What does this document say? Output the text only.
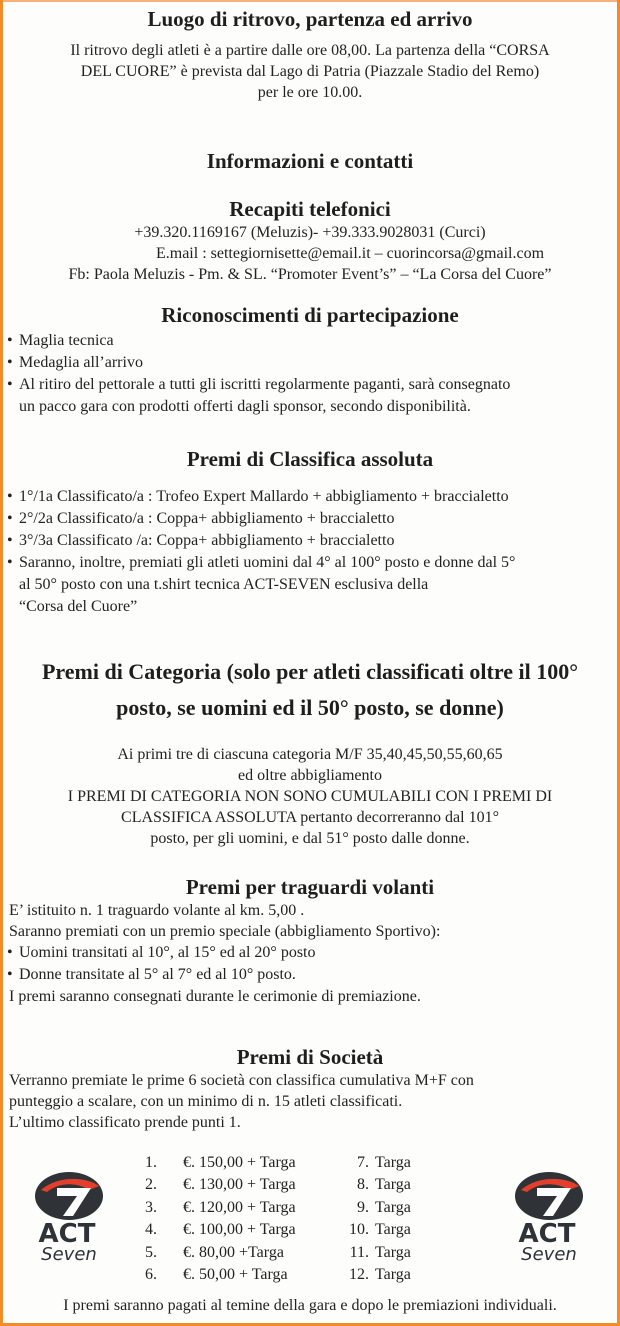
Luogo di ritrovo, partenza ed arrivo

Il ritrovo degli atleti è a partire dalle ore 08,00. La partenza della “CORSA

DEL CUORE” è prevista dal Lago di Patria (Piazzale Stadio del Remo)

per le ore 10.00.

Informazioni e contatti
Recapiti telefonici

+39.320.1169167 (Meluzis)- +39.333.9028031 (Curci)

E.mail : settegiornisette@email.it – cuorincorsa@gmail.com

Fb: Paola Meluzis - Pm. & SL. “Promoter Event’s” – “La Corsa del Cuore”

Riconoscimenti di partecipazione
• Maglia tecnica
• Medaglia all’arrivo
• Al ritiro del pettorale a tutti gli iscritti regolarmente paganti, sarà consegnato
un pacco gara con prodotti offerti dagli sponsor, secondo disponibilità.
Premi di Classifica assoluta
• 1°/1a Classificato/a : Trofeo Expert Mallardo + abbigliamento + braccialetto
• 2°/2a Classificato/a : Coppa+ abbigliamento + braccialetto
• 3°/3a Classificato /a: Coppa+ abbigliamento + braccialetto
• Saranno, inoltre, premiati gli atleti uomini dal 4° al 100° posto e donne dal 5°
al 50° posto con una t.shirt tecnica ACT-SEVEN esclusiva della
“Corsa del Cuore”
Premi di Categoria (solo per atleti classificati oltre il 100°
posto, se uomini ed il 50° posto, se donne)

Ai primi tre di ciascuna categoria M/F 35,40,45,50,55,60,65

ed oltre abbigliamento

I PREMI DI CATEGORIA NON SONO CUMULABILI CON I PREMI DI

CLASSIFICA ASSOLUTA pertanto decorreranno dal 101°

posto, per gli uomini, e dal 51° posto dalle donne.

Premi per traguardi volanti

E’ istituito n. 1 traguardo volante al km. 5,00 .

Saranno premiati con un premio speciale (abbigliamento Sportivo):

• Uomini transitati al 10°, al 15° ed al 20° posto
• Donne transitate al 5° al 7° ed al 10° posto.

I premi saranno consegnati durante le cerimonie di premiazione.

Premi di Società

Verranno premiate le prime 6 società con classifica cumulativa M+F con

punteggio a scalare, con un minimo di n. 15 atleti classificati.

L’ultimo classificato prende punti 1.

ACT
Seven
ACT
Seven
1.	€. 150,00 + Targa	7. Targa
2.	€. 130,00 + Targa	8. Targa
3.	€. 120,00 + Targa	9. Targa
4.	€. 100,00 + Targa	10. Targa
5.	€. 80,00 +Targa	11. Targa
6.	€. 50,00 + Targa	12. Targa
I premi saranno pagati al temine della gara e dopo le premiazioni individuali.
